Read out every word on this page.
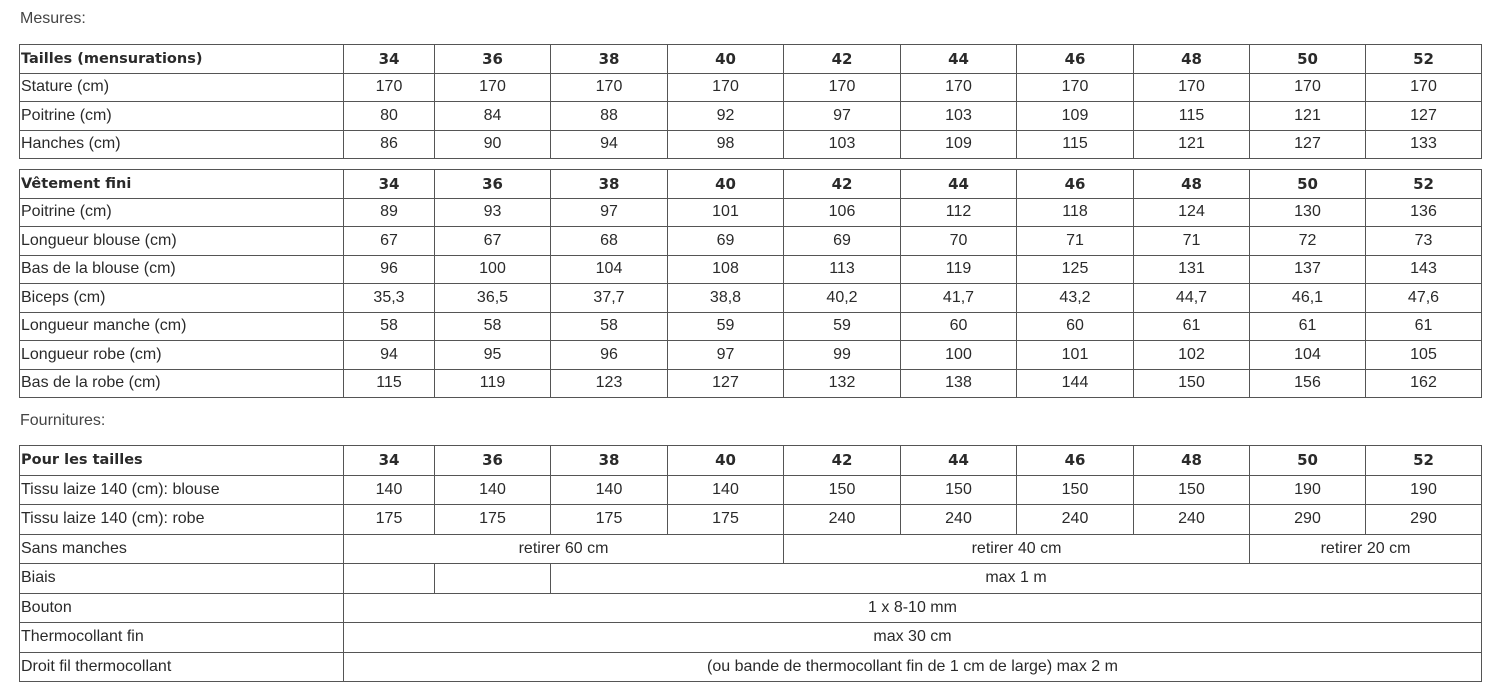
Mesures:
Tailles (mensurations)	34	36	38	40	42	44	46	48	50	52
Stature (cm)	170	170	170	170	170	170	170	170	170	170
Poitrine (cm)	80	84	88	92	97	103	109	115	121	127
Hanches (cm)	86	90	94	98	103	109	115	121	127	133
Vêtement fini	34	36	38	40	42	44	46	48	50	52
Poitrine (cm)	89	93	97	101	106	112	118	124	130	136
Longueur blouse (cm)	67	67	68	69	69	70	71	71	72	73
Bas de la blouse (cm)	96	100	104	108	113	119	125	131	137	143
Biceps (cm)	35,3	36,5	37,7	38,8	40,2	41,7	43,2	44,7	46,1	47,6
Longueur manche (cm)	58	58	58	59	59	60	60	61	61	61
Longueur robe (cm)	94	95	96	97	99	100	101	102	104	105
Bas de la robe (cm)	115	119	123	127	132	138	144	150	156	162
Fournitures:
Pour les tailles	34	36	38	40	42	44	46	48	50	52
Tissu laize 140 (cm): blouse	140	140	140	140	150	150	150	150	190	190
Tissu laize 140 (cm): robe	175	175	175	175	240	240	240	240	290	290
Sans manches	retirer 60 cm				retirer 40 cm				retirer 20 cm	
Biais			max 1 m							
Bouton	1 x 8-10 mm									
Thermocollant fin	max 30 cm									
Droit fil thermocollant	(ou bande de thermocollant fin de 1 cm de large) max 2 m									
